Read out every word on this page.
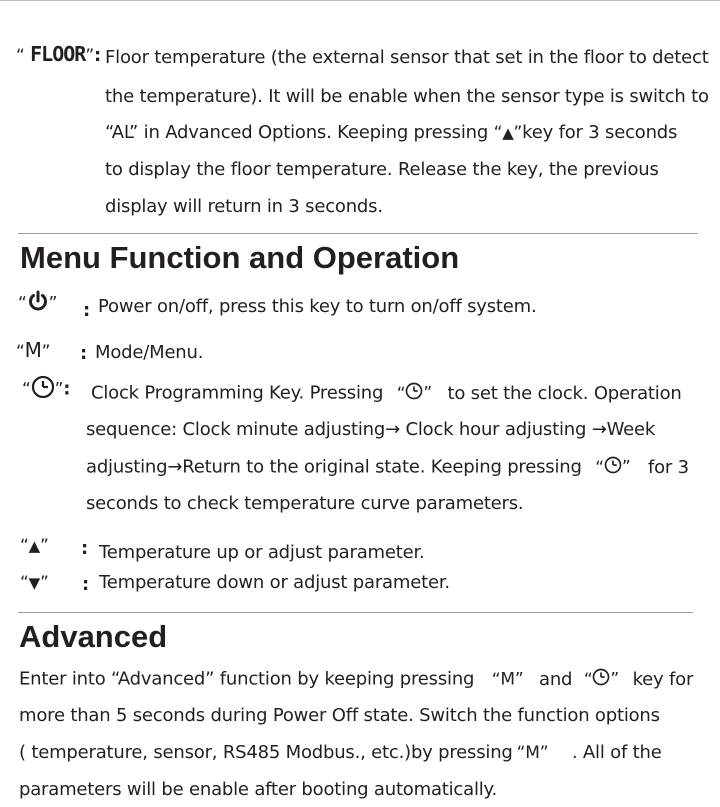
“ FLOOR”: Floor temperature (the external sensor that set in the floor to detect
the temperature). It will be enable when the sensor type is switch to
“AL” in Advanced Options. Keeping pressing “▲”key for 3 seconds
to display the floor temperature. Release the key, the previous
display will return in 3 seconds.
Menu Function and Operation
“ ” : Power on/off, press this key to turn on/off system.
“M” : Mode/Menu.
“ ”: Clock Programming Key. Pressing “ ” to set the clock. Operation
sequence: Clock minute adjusting→ Clock hour adjusting →Week
adjusting→Return to the original state. Keeping pressing “ ” for 3
seconds to check temperature curve parameters.
“▲” : Temperature up or adjust parameter.
“▼” : Temperature down or adjust parameter.
Advanced
Enter into “Advanced” function by keeping pressing “M” and “ ” key for
more than 5 seconds during Power Off state. Switch the function options
( temperature, sensor, RS485 Modbus., etc.)by pressing “M” . All of the
parameters will be enable after booting automatically.
